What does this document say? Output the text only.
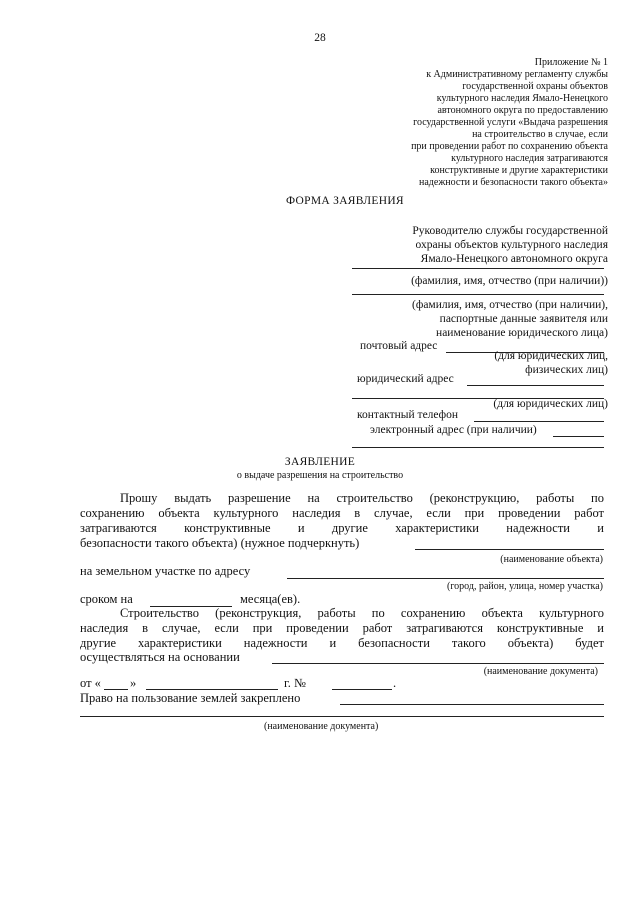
28
Приложение № 1
к Административному регламенту службы
государственной охраны объектов
культурного наследия Ямало-Ненецкого
автономного округа по предоставлению
государственной услуги «Выдача разрешения
на строительство в случае, если
при проведении работ по сохранению объекта
культурного наследия затрагиваются
конструктивные и другие характеристики
надежности и безопасности такого объекта»
ФОРМА ЗАЯВЛЕНИЯ
Руководителю службы государственной
охраны объектов культурного наследия
Ямало-Ненецкого автономного округа
(фамилия, имя, отчество (при наличии))
(фамилия, имя, отчество (при наличии),
паспортные данные заявителя или
наименование юридического лица)
почтовый адрес
(для юридических лиц,
физических лиц)
юридический адрес
(для юридических лиц)
контактный телефон
электронный адрес (при наличии)
ЗАЯВЛЕНИЕ
о выдаче разрешения на строительство
Прошу выдать разрешение на строительство (реконструкцию, работы по
сохранению объекта культурного наследия в случае, если при проведении работ
затрагиваются конструктивные и другие характеристики надежности и
безопасности такого объекта) (нужное подчеркнуть)
(наименование объекта)
на земельном участке по адресу
(город, район, улица, номер участка)
сроком на	месяца(ев).
Строительство (реконструкция, работы по сохранению объекта культурного
наследия в случае, если при проведении работ затрагиваются конструктивные и
другие характеристики надежности и безопасности такого объекта) будет
осуществляться на основании
(наименование документа)
от « »	г. №	.
Право на пользование землей закреплено
(наименование документа)
